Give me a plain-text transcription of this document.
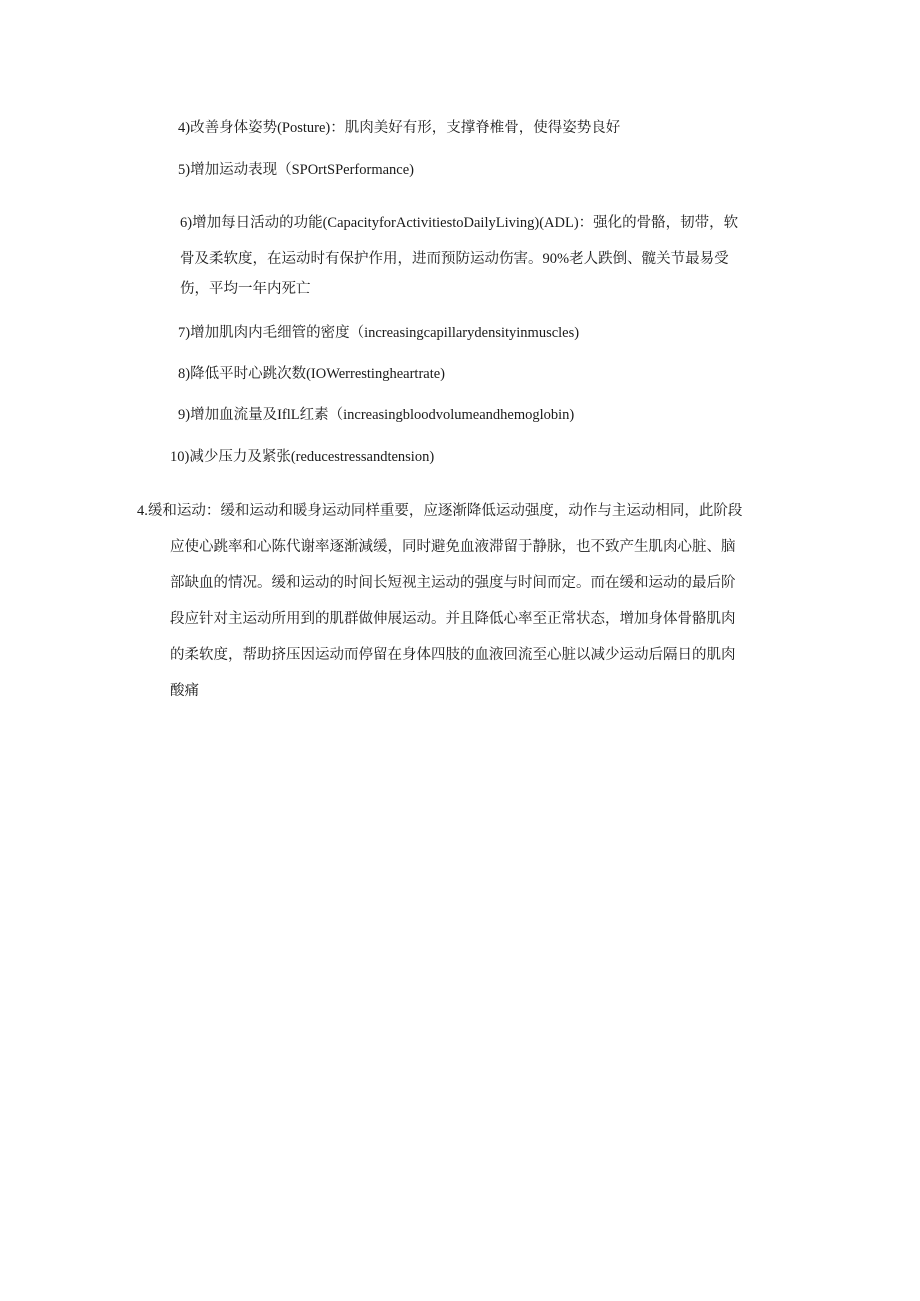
4)改善身体姿势(Posture)：肌肉美好有形，支撑脊椎骨，使得姿势良好
5)增加运动表现（SPOrtSPerformance)
6)增加每日活动的功能(CapacityforActivitiestoDailyLiving)(ADL)：强化的骨骼，韧带，软
骨及柔软度，在运动时有保护作用，进而预防运动伤害。90%老人跌倒、髋关节最易受
伤，平均一年内死亡
7)增加肌肉内毛细管的密度（increasingcapillarydensityinmuscles)
8)降低平时心跳次数(IOWerrestingheartrate)
9)增加血流量及IflL红素（increasingbloodvolumeandhemoglobin)
10)减少压力及紧张(reducestressandtension)
4.缓和运动：缓和运动和暖身运动同样重要，应逐渐降低运动强度，动作与主运动相同，此阶段
应使心跳率和心陈代谢率逐渐減缓，同时避免血液滞留于静脉，也不致产生肌肉心脏、脑
部缺血的情况。缓和运动的时间长短视主运动的强度与时间而定。而在缓和运动的最后阶
段应针对主运动所用到的肌群做伸展运动。并且降低心率至正常状态，增加身体骨骼肌肉
的柔软度，帮助挤压因运动而停留在身体四肢的血液回流至心脏以减少运动后隔日的肌肉
酸痛
